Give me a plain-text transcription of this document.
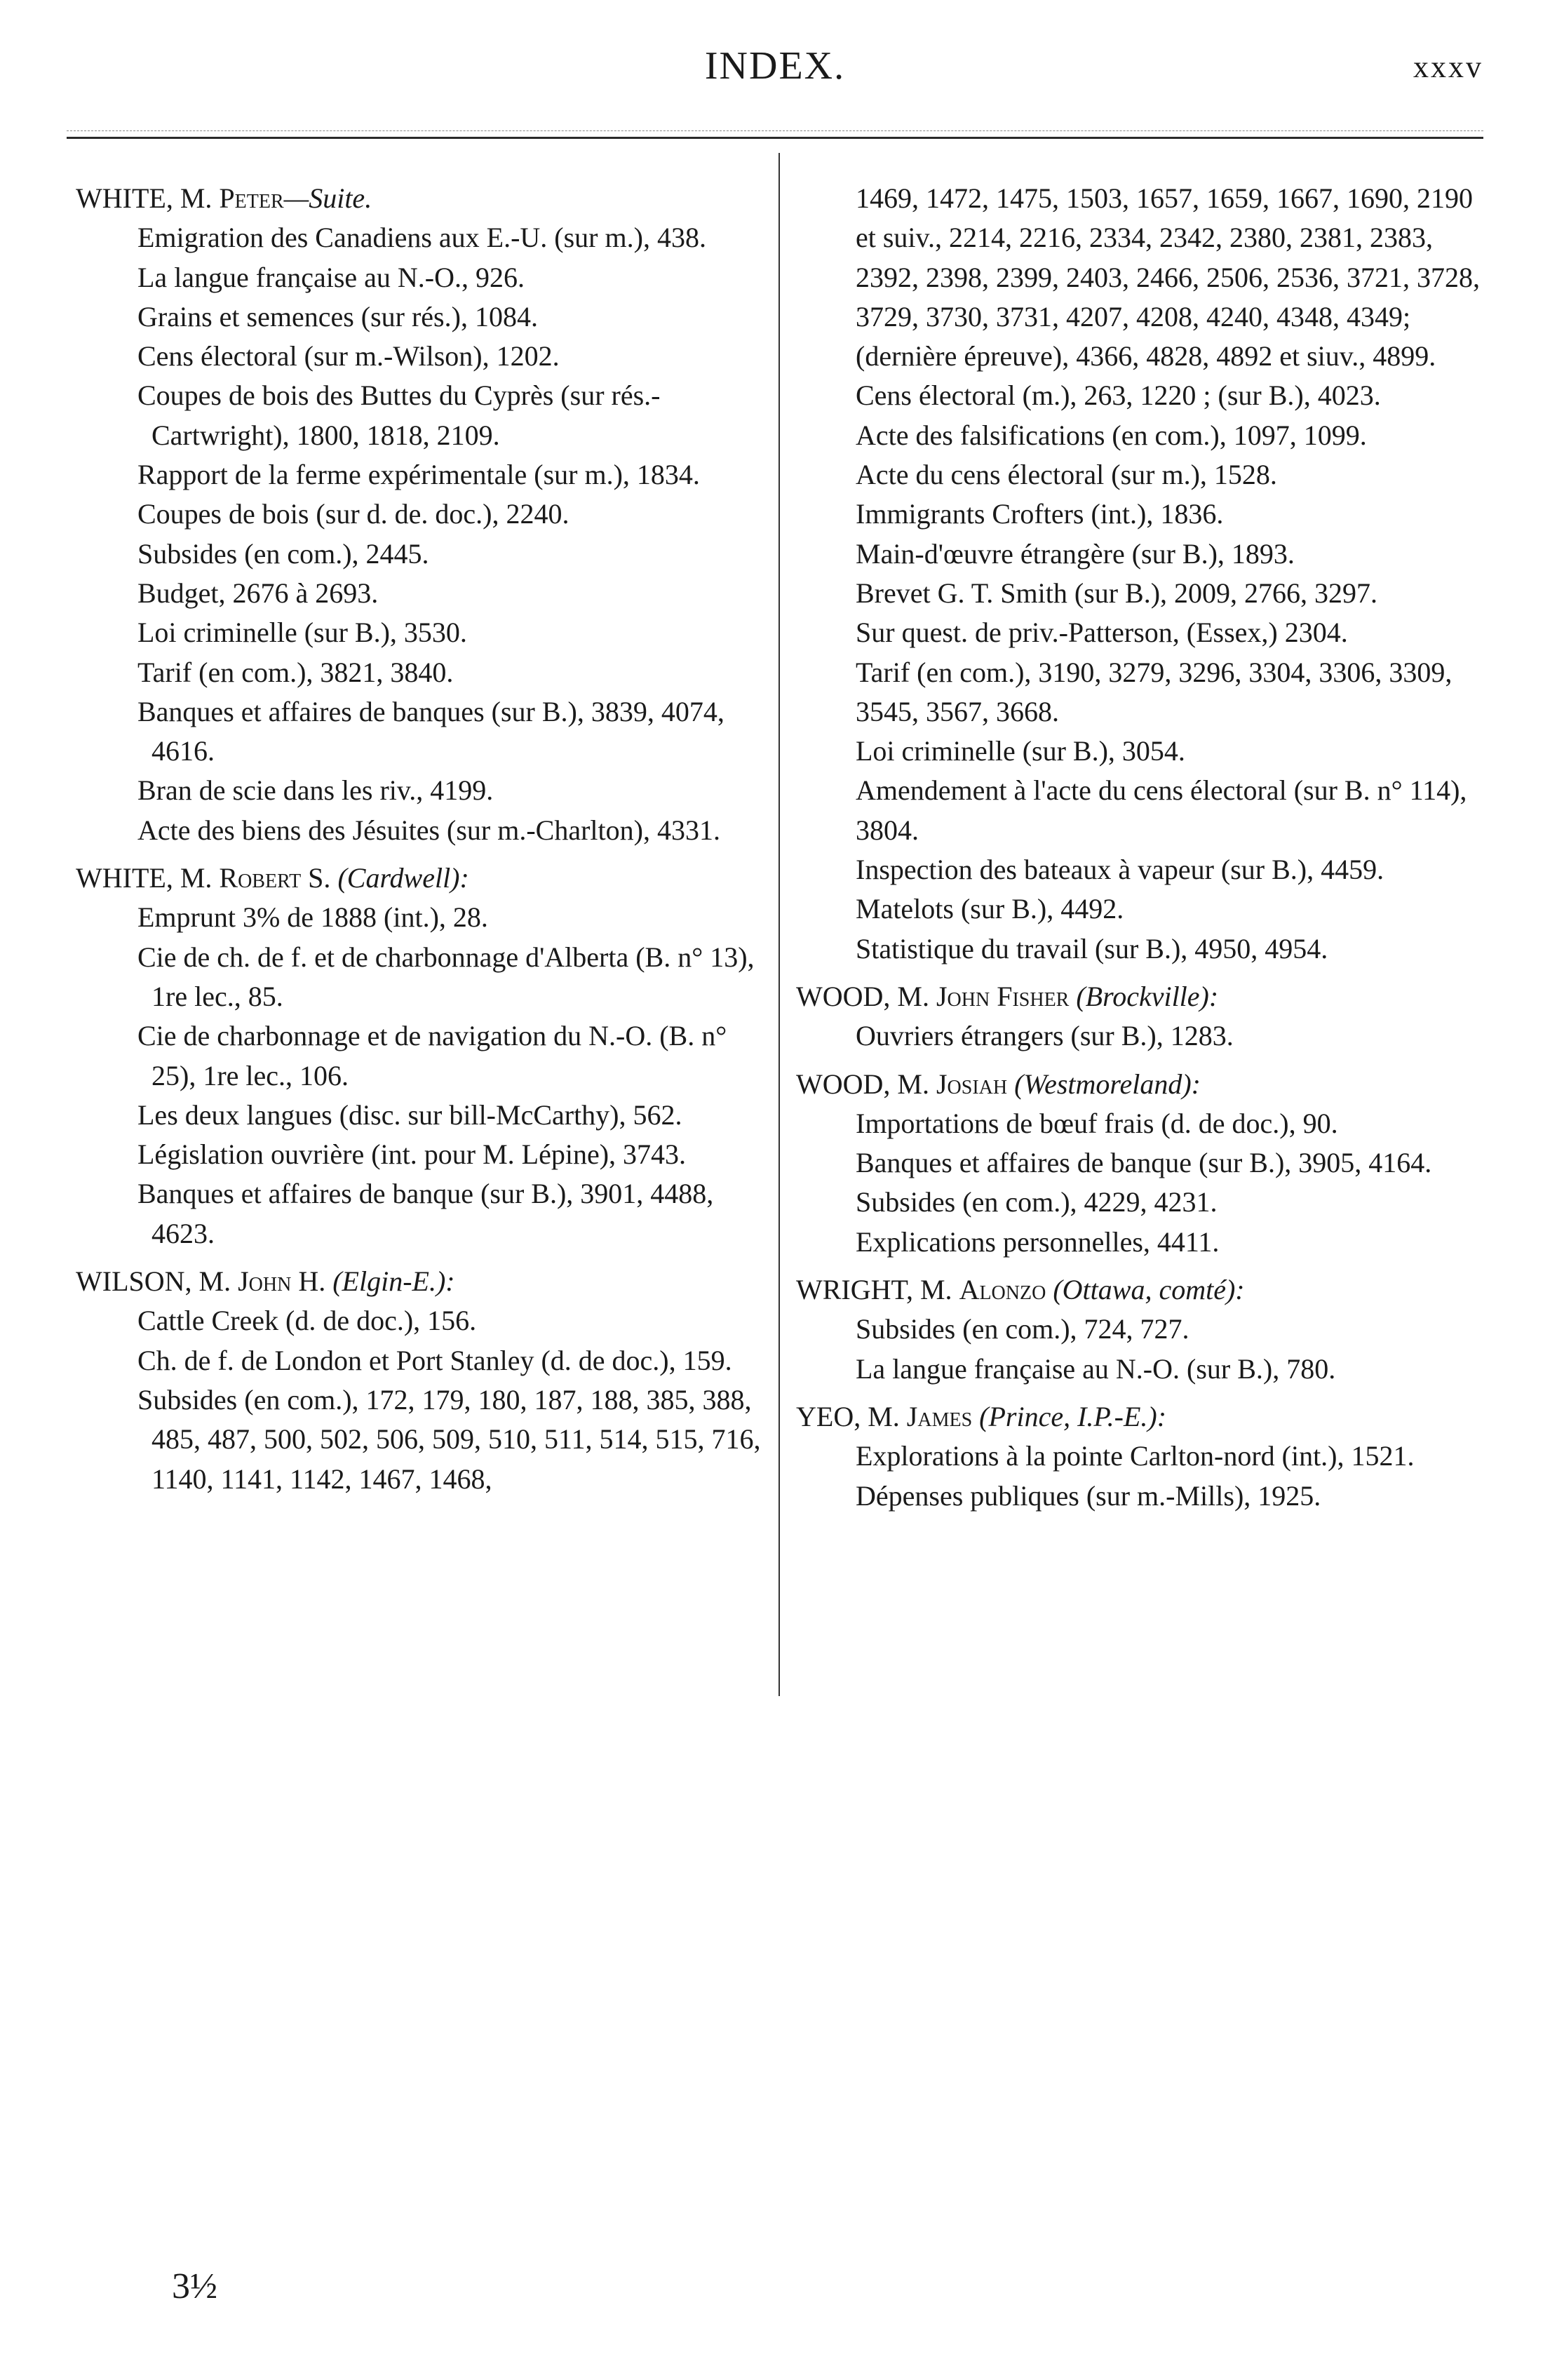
INDEX.	xxxv
WHITE, M. Peter—Suite.
Emigration des Canadiens aux E.-U. (sur m.), 438.
La langue française au N.-O., 926.
Grains et semences (sur rés.), 1084.
Cens électoral (sur m.-Wilson), 1202.
Coupes de bois des Buttes du Cyprès (sur rés.-Cartwright), 1800, 1818, 2109.
Rapport de la ferme expérimentale (sur m.), 1834.
Coupes de bois (sur d. de. doc.), 2240.
Subsides (en com.), 2445.
Budget, 2676 à 2693.
Loi criminelle (sur B.), 3530.
Tarif (en com.), 3821, 3840.
Banques et affaires de banques (sur B.), 3839, 4074, 4616.
Bran de scie dans les riv., 4199.
Acte des biens des Jésuites (sur m.-Charlton), 4331.
WHITE, M. Robert S. (Cardwell):
Emprunt 3% de 1888 (int.), 28.
Cie de ch. de f. et de charbonnage d'Alberta (B. n° 13), 1re lec., 85.
Cie de charbonnage et de navigation du N.-O. (B. n° 25), 1re lec., 106.
Les deux langues (disc. sur bill-McCarthy), 562.
Législation ouvrière (int. pour M. Lépine), 3743.
Banques et affaires de banque (sur B.), 3901, 4488, 4623.
WILSON, M. John H. (Elgin-E.):
Cattle Creek (d. de doc.), 156.
Ch. de f. de London et Port Stanley (d. de doc.), 159.
Subsides (en com.), 172, 179, 180, 187, 188, 385, 388, 485, 487, 500, 502, 506, 509, 510, 511, 514, 515, 716, 1140, 1141, 1142, 1467, 1468,
1469, 1472, 1475, 1503, 1657, 1659, 1667, 1690, 2190 et suiv., 2214, 2216, 2334, 2342, 2380, 2381, 2383, 2392, 2398, 2399, 2403, 2466, 2506, 2536, 3721, 3728, 3729, 3730, 3731, 4207, 4208, 4240, 4348, 4349; (dernière épreuve), 4366, 4828, 4892 et siuv., 4899.
Cens électoral (m.), 263, 1220 ; (sur B.), 4023.
Acte des falsifications (en com.), 1097, 1099.
Acte du cens électoral (sur m.), 1528.
Immigrants Crofters (int.), 1836.
Main-d'œuvre étrangère (sur B.), 1893.
Brevet G. T. Smith (sur B.), 2009, 2766, 3297.
Sur quest. de priv.-Patterson, (Essex,) 2304.
Tarif (en com.), 3190, 3279, 3296, 3304, 3306, 3309, 3545, 3567, 3668.
Loi criminelle (sur B.), 3054.
Amendement à l'acte du cens électoral (sur B. n° 114), 3804.
Inspection des bateaux à vapeur (sur B.), 4459.
Matelots (sur B.), 4492.
Statistique du travail (sur B.), 4950, 4954.
WOOD, M. John Fisher (Brockville):
Ouvriers étrangers (sur B.), 1283.
WOOD, M. Josiah (Westmoreland):
Importations de bœuf frais (d. de doc.), 90.
Banques et affaires de banque (sur B.), 3905, 4164.
Subsides (en com.), 4229, 4231.
Explications personnelles, 4411.
WRIGHT, M. Alonzo (Ottawa, comté):
Subsides (en com.), 724, 727.
La langue française au N.-O. (sur B.), 780.
YEO, M. James (Prince, I.P.-E.):
Explorations à la pointe Carlton-nord (int.), 1521.
Dépenses publiques (sur m.-Mills), 1925.
3½
